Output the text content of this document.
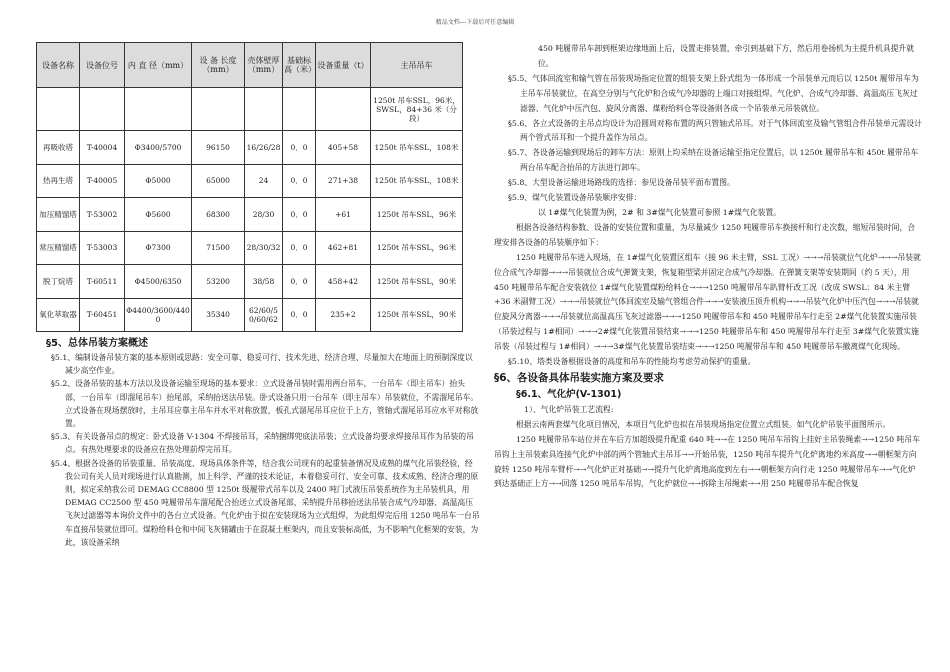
精品文档---下载后可任意编辑
设备名称	设备位号	内 直 径（mm）	设 备 长度（mm）	壳体壁厚（mm）	基础标高（米）	设备重量（t）	主吊吊车
							1250t 吊车SSL，96米，SWSL，84+36 米（分段）
再吸收塔	T-40004	Φ3400/5700	96150	16/26/28	0．0	405+58	1250t 吊车SSL，108米
热再生塔	T-40005	Φ5000	65000	24	0．0	271+38	1250t 吊车SSL，108米
加压精馏塔	T-53002	Φ5600	68300	28/30	0．0	+61	1250t 吊车SSL，96米
常压精馏塔	T-53003	Φ7300	71500	28/30/32	0．0	462+81	1250t 吊车SSL，96米
脱丁烷塔	T-60511	Φ4500/6350	53200	38/58	0．0	458+42	1250t 吊车SSL，90米
氧化萃取器	T-60451	Φ4400/3600/4400	35340	62/60/50/60/62	0．0	235+2	1250t 吊车SSL，90米

§5、总体吊装方案概述

§5.1、编制设备吊装方案的基本原则或思路：安全可靠、稳妥可行、技术先进、经济合理、尽量加大在地面上的预制深度以减少高空作业。
§5.2、设备吊装的基本方法以及设备运输至现场的基本要求：立式设备吊装时需用两台吊车，一台吊车（即主吊车）抬头部，一台吊车（即溜尾吊车）抬尾部，采纳抬送法吊装。卧式设备只用一台吊车（即主吊车）吊装就位，不需溜尾吊车。立式设备在现场摆放时，主吊耳应靠主吊车并水平对称放置，板孔式溜尾吊耳应位于上方，管轴式溜尾吊耳应水平对称放置。
§5.3、有关设备吊点的规定：卧式设备 V-1304 不焊接吊耳，采纳捆绑兜底法吊装；立式设备均要求焊接吊耳作为吊装的吊点。有热处理要求的设备应在热处理前焊完吊耳。
§5.4、根据各设备的吊装重量、吊装高度、现场具体条件等，结合我公司现有的起重装备情况及成熟的煤气化吊装经验，经我公司有关人员对现场进行认真勘测，加上科学、严谨的技术论证，本着稳妥可行、安全可靠、技术成熟、经济合理的原则，拟定采纳我公司 DEMAG CC8800 型 1250t 级履带式吊车以及 2400 吨门式液压吊装系统作为主吊装机具，用 DEMAG CC2500 型 450 吨履带吊车溜尾配合抬送立式设备尾部，采纳提升吊移抬送法吊装合成气冷却器、高温高压飞灰过滤器等本询价文件中的各台立式设备。气化炉由于拟在安装现场为立式组焊，为此组焊完后用 1250 吨吊车一台吊车直接吊装就位即可。煤粉给料仓和中间飞灰储罐由于在混凝土框架内，而且安装标高低，为不影响气化框架的安装，为此，该设备采纳

450 吨履带吊车卸到框架边缘地面上后，设置走排装置，牵引到基础下方，然后用卷扬机为主提升机具提升就位。

§5.5、气体回流室和输气管在吊装现场指定位置的组装支架上卧式组为一体形成一个吊装单元而后以 1250t 履带吊车为主吊车吊装就位，在高空分别与气化炉和合成气冷却器的上端口对接组焊。气化炉、合成气冷却器、高温高压飞灰过滤器、气化炉中压汽包、旋风分离器、煤粉给料仓等设备则各成一个吊装单元吊装就位。

§5.6、各立式设备的主吊点均设计为沿圆周对称布置的两只管轴式吊耳。对于气体回流室及输气管组合件吊装单元需设计两个管式吊耳和一个提升盖作为吊点。

§5.7、各设备运输到现场后的卸车方法：原则上均采纳在设备运输至指定位置后，以 1250t 履带吊车和 450t 履带吊车两台吊车配合抬吊的方法进行卸车。

§5.8、大型设备运输进场路线的选择：参见设备吊装平面布置图。

§5.9、煤气化装置设备吊装顺序安排：

以 1#煤气化装置为例，2# 和 3#煤气化装置可参照 1#煤气化装置。

根据各设备结构参数、设备的安装位置和重量，为尽量减少 1250 吨履带吊车换接杆和行走次数，缩短吊装时间，合理安排各设备的吊装顺序如下：

1250 吨履带吊车进入现场，在 1#煤气化装置区组车（接 96 米主臂，SSL 工况）→→→吊装就位气化炉→→→吊装就位合成气冷却器→→→吊装就位合成气弹簧支架，恢复箱型梁并固定合成气冷却器。在弹簧支架等安装期间（约 5 天），用 450 吨履带吊车配合安装就位 1#煤气化装置煤粉给料仓→→→1250 吨履带吊车趴臂杆改工况（改成 SWSL：84 米主臂+36 米副臂工况）→→→吊装就位气体回流室及输气管组合件→→→安装液压顶升机构→→→吊装气化炉中压汽包→→→吊装就位旋风分离器→→→吊装就位高温高压飞灰过滤器→→→1250 吨履带吊车和 450 吨履带吊车行走至 2#煤气化装置实施吊装（吊装过程与 1#相同）→→→2#煤气化装置吊装结束→→→1250 吨履带吊车和 450 吨履带吊车行走至 3#煤气化装置实施吊装（吊装过程与 1#相同）→→→3#煤气化装置吊装结束→→→1250 吨履带吊车和 450 吨履带吊车撤离煤气化现场。

§5.10、塔类设备根据设备的高度和吊车的性能均考虑劳动保护的重量。

§6、各设备具体吊装实施方案及要求

§6.1、气化炉(V-1301)

1）、气化炉吊装工艺流程:

根据云南两套煤气化项目情况，本项目气化炉也拟在吊装现场指定位置立式组装。如气化炉吊装平面图所示。

1250 吨履带吊车站位并在车后方加超级提升配重 640 吨→→在 1250 吨吊车吊钩上挂好主吊装绳索→→1250 吨吊车吊钩上主吊装索具连接气化炉中部的两个管轴式主吊耳→→开始吊装，1250 吨吊车提升气化炉离地约米高度→→朝框架方向旋转 1250 吨吊车臂杆→→气化炉正对基础→→提升气化炉离地高度到左右→→朝框架方向行走 1250 吨履带吊车→→气化炉到达基础正上方→→回落 1250 吨吊车吊钩，气化炉就位→→拆除主吊绳索→→用 250 吨履带吊车配合恢复
